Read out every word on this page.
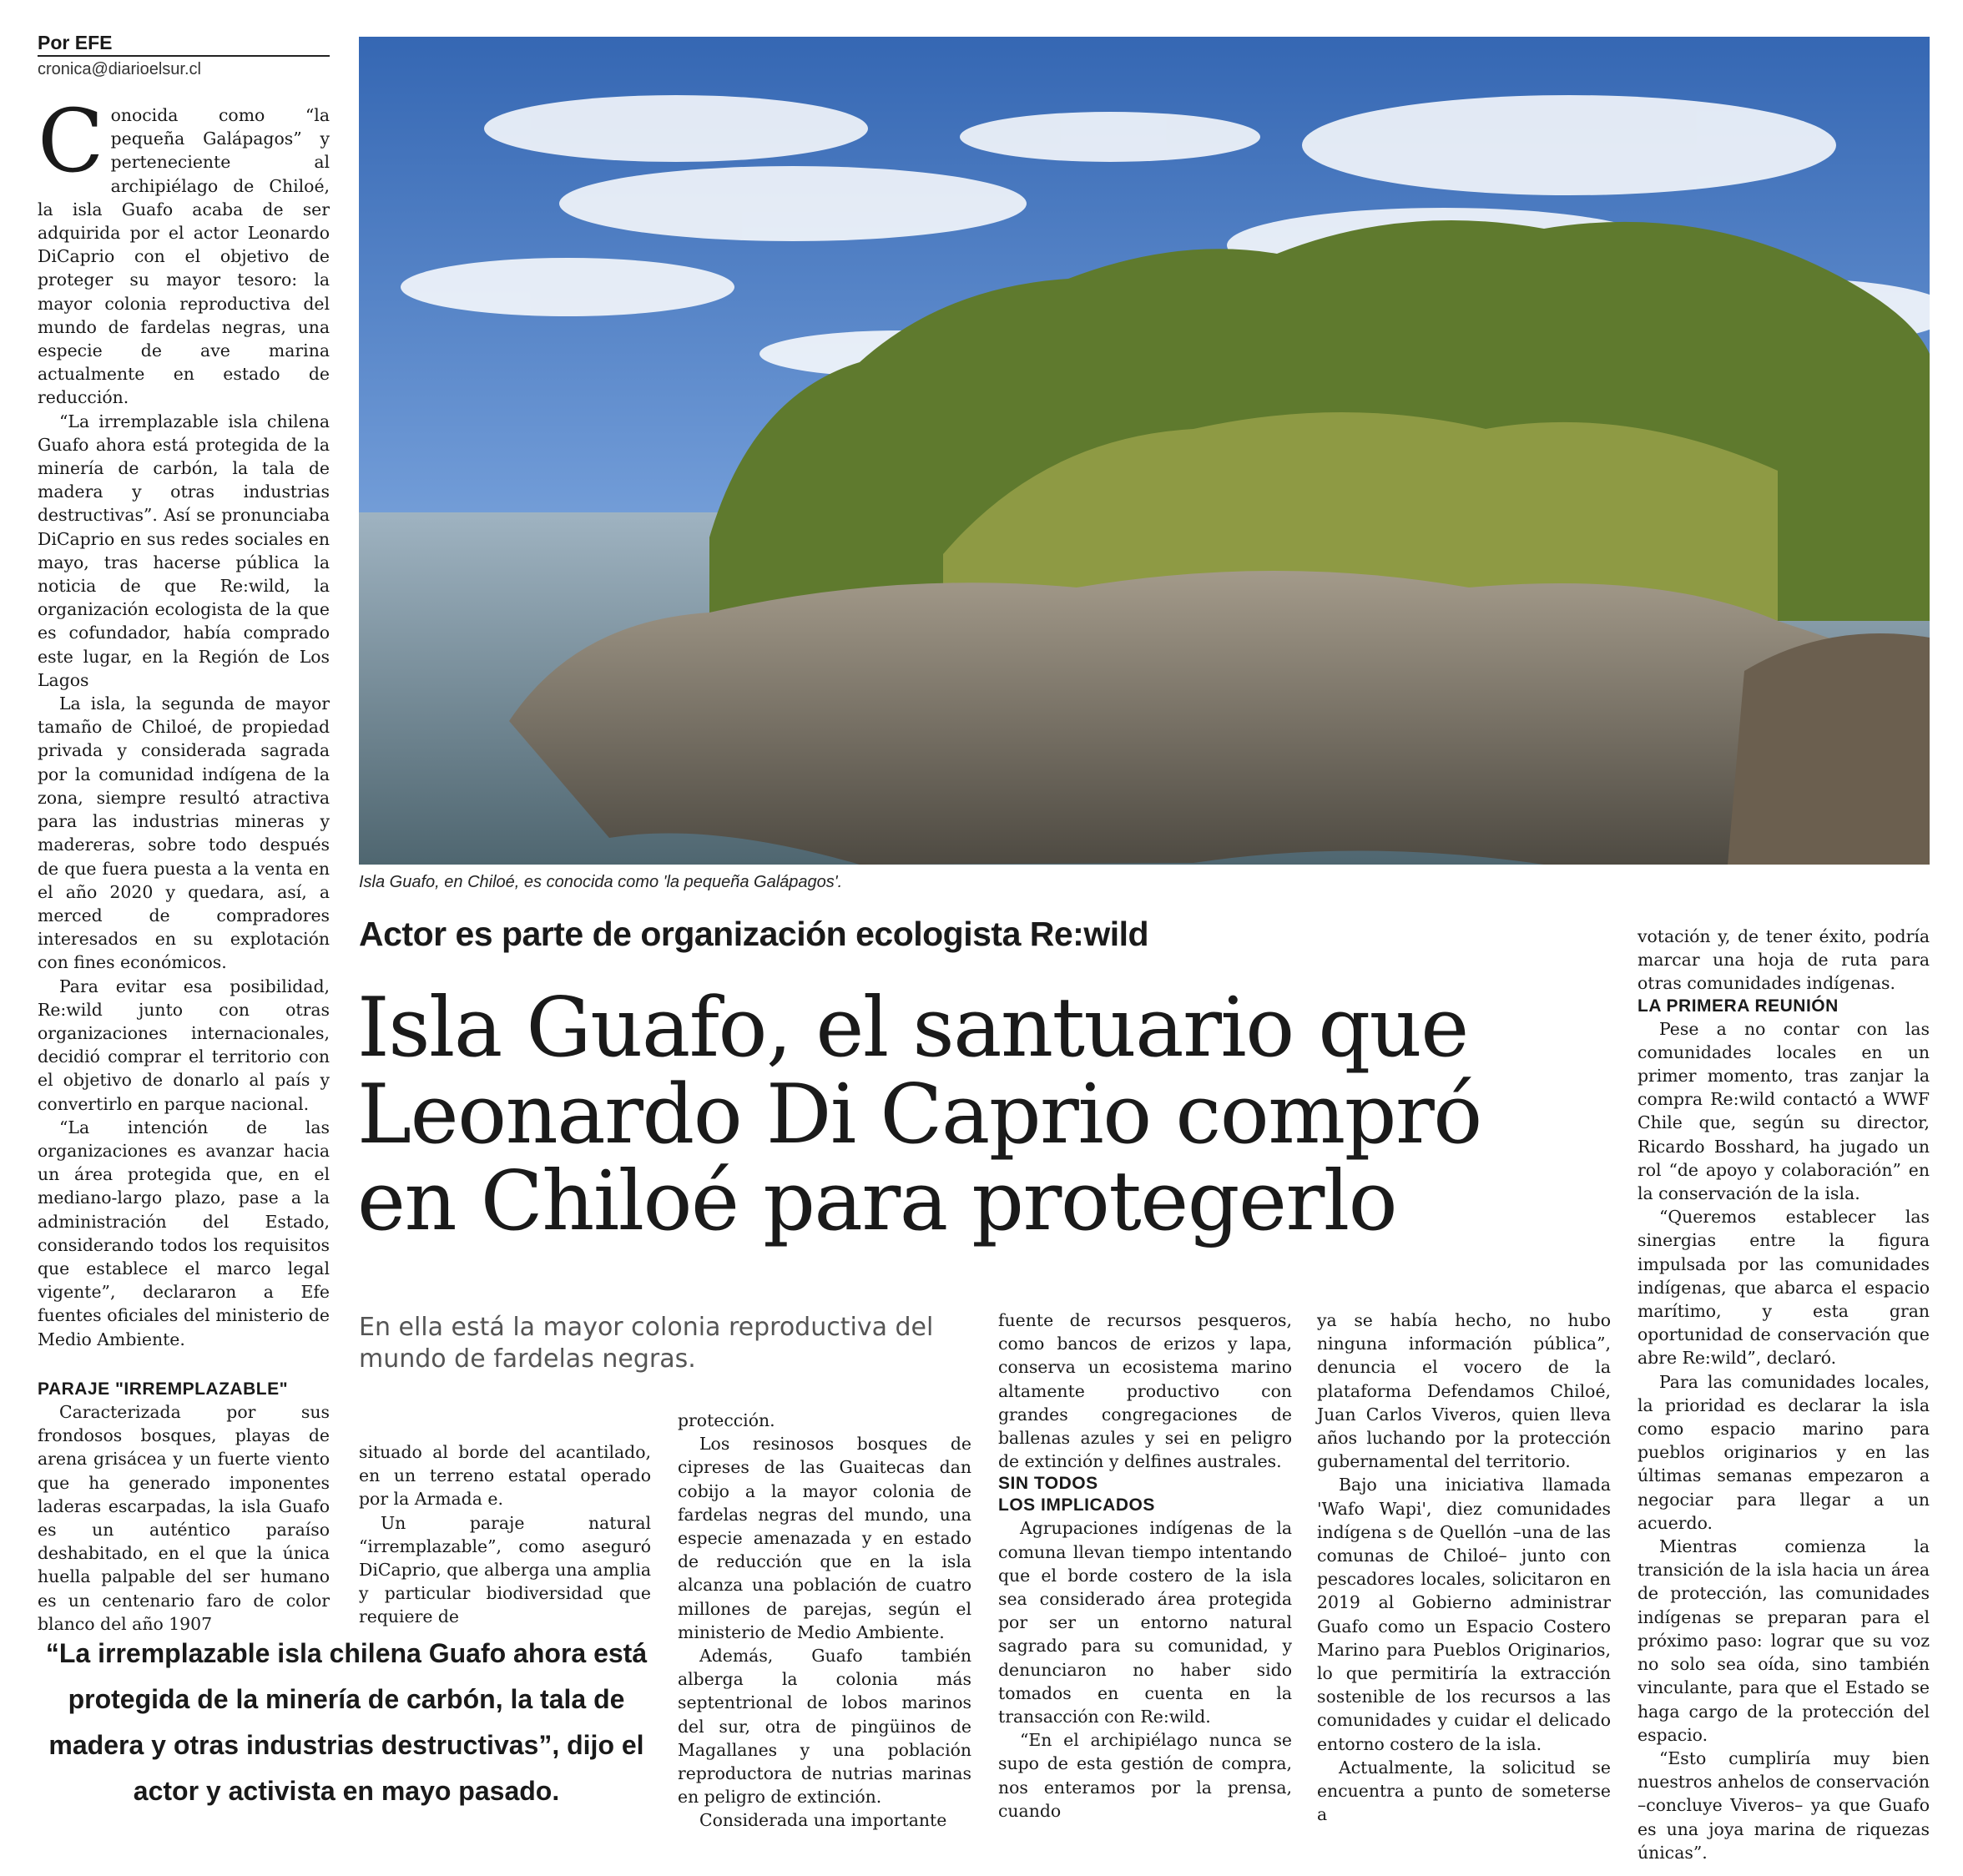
Por EFE
cronica@diarioelsur.cl

Conocida como “la pequeña Galápagos” y perteneciente al archipiélago de Chiloé, la isla Guafo acaba de ser adquirida por el actor Leonardo DiCaprio con el objetivo de proteger su mayor tesoro: la mayor colonia reproductiva del mundo de fardelas negras, una especie de ave marina actualmente en estado de reducción.

“La irremplazable isla chilena Guafo ahora está protegida de la minería de carbón, la tala de madera y otras industrias destructivas”. Así se pronunciaba DiCaprio en sus redes sociales en mayo, tras hacerse pública la noticia de que Re:wild, la organización ecologista de la que es cofundador, había comprado este lugar, en la Región de Los Lagos

La isla, la segunda de mayor tamaño de Chiloé, de propiedad privada y considerada sagrada por la comunidad indígena de la zona, siempre resultó atractiva para las industrias mineras y madereras, sobre todo después de que fuera puesta a la venta en el año 2020 y quedara, así, a merced de compradores interesados en su explotación con fines económicos.

Para evitar esa posibilidad, Re:wild junto con otras organizaciones internacionales, decidió comprar el territorio con el objetivo de donarlo al país y convertirlo en parque nacional.

“La intención de las organizaciones es avanzar hacia un área protegida que, en el mediano-largo plazo, pase a la administración del Estado, considerando todos los requisitos que establece el marco legal vigente”, declararon a Efe fuentes oficiales del ministerio de Medio Ambiente.

PARAJE "IRREMPLAZABLE"

Caracterizada por sus frondosos bosques, playas de arena grisácea y un fuerte viento que ha generado imponentes laderas escarpadas, la isla Guafo es un auténtico paraíso deshabitado, en el que la única huella palpable del ser humano es un centenario faro de color blanco del año 1907

Isla Guafo, en Chiloé, es conocida como 'la pequeña Galápagos'.
Actor es parte de organización ecologista Re:wild
Isla Guafo, el santuario que
Leonardo Di Caprio compró
en Chiloé para protegerlo
En ella está la mayor colonia reproductiva del mundo de fardelas negras.

situado al borde del acantilado, en un terreno estatal operado por la Armada e.

Un paraje natural “irremplazable”, como aseguró DiCaprio, que alberga una amplia y particular biodiversidad que requiere de

protección.

Los resinosos bosques de cipreses de las Guaitecas dan cobijo a la mayor colonia de fardelas negras del mundo, una especie amenazada y en estado de reducción que en la isla alcanza una población de cuatro millones de parejas, según el ministerio de Medio Ambiente.

Además, Guafo también alberga la colonia más septentrional de lobos marinos del sur, otra de pingüinos de Magallanes y una población reproductora de nutrias marinas en peligro de extinción.

Considerada una importante

fuente de recursos pesqueros, como bancos de erizos y lapa, conserva un ecosistema marino altamente productivo con grandes congregaciones de ballenas azules y sei en peligro de extinción y delfines australes.

SIN TODOS
LOS IMPLICADOS

Agrupaciones indígenas de la comuna llevan tiempo intentando que el borde costero de la isla sea considerado área protegida por ser un entorno natural sagrado para su comunidad, y denunciaron no haber sido tomados en cuenta en la transacción con Re:wild.

“En el archipiélago nunca se supo de esta gestión de compra, nos enteramos por la prensa, cuando

ya se había hecho, no hubo ninguna información pública”, denuncia el vocero de la plataforma Defendamos Chiloé, Juan Carlos Viveros, quien lleva años luchando por la protección gubernamental del territorio.

Bajo una iniciativa llamada 'Wafo Wapi', diez comunidades indígena s de Quellón –una de las comunas de Chiloé– junto con pescadores locales, solicitaron en 2019 al Gobierno administrar Guafo como un Espacio Costero Marino para Pueblos Originarios, lo que permitiría la extracción sostenible de los recursos a las comunidades y cuidar el delicado entorno costero de la isla.

Actualmente, la solicitud se encuentra a punto de someterse a

votación y, de tener éxito, podría marcar una hoja de ruta para otras comunidades indígenas.

LA PRIMERA REUNIÓN

Pese a no contar con las comunidades locales en un primer momento, tras zanjar la compra Re:wild contactó a WWF Chile que, según su director, Ricardo Bosshard, ha jugado un rol “de apoyo y colaboración” en la conservación de la isla.

“Queremos establecer las sinergias entre la figura impulsada por las comunidades indígenas, que abarca el espacio marítimo, y esta gran oportunidad de conservación que abre Re:wild”, declaró.

Para las comunidades locales, la prioridad es declarar la isla como espacio marino para pueblos originarios y en las últimas semanas empezaron a negociar para llegar a un acuerdo.

Mientras comienza la transición de la isla hacia un área de protección, las comunidades indígenas se preparan para el próximo paso: lograr que su voz no solo sea oída, sino también vinculante, para que el Estado se haga cargo de la protección del espacio.

“Esto cumpliría muy bien nuestros anhelos de conservación –concluye Viveros– ya que Guafo es una joya marina de riquezas únicas”.

“La irremplazable isla chilena Guafo ahora está protegida de la minería de carbón, la tala de madera y otras industrias destructivas”, dijo el actor y activista en mayo pasado.
